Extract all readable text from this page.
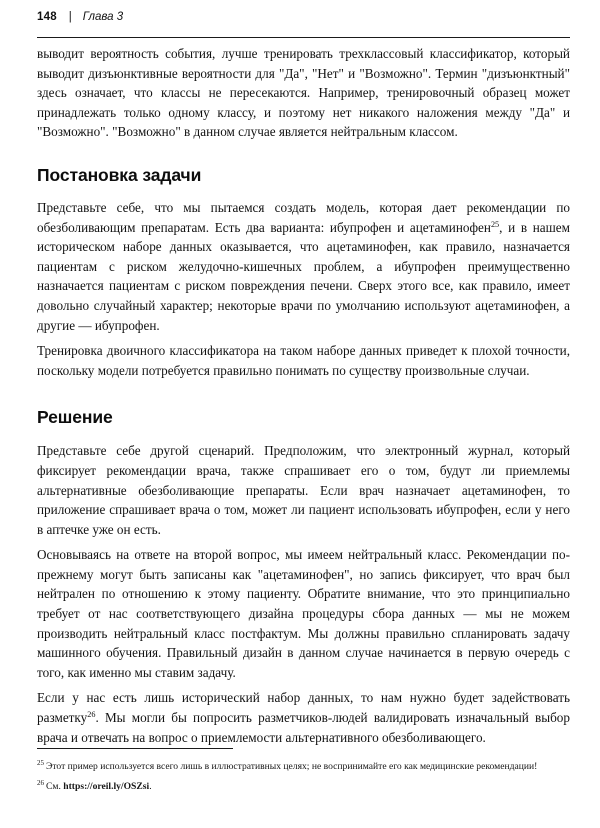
148 | Глава 3

выводит вероятность события, лучше тренировать трехклассовый классификатор, который выводит дизъюнктивные вероятности для "Да", "Нет" и "Возможно". Термин "дизъюнктный" здесь означает, что классы не пересекаются. Например, тренировочный образец может принадлежать только одному классу, и поэтому нет никакого наложения между "Да" и "Возможно". "Возможно" в данном случае является нейтральным классом.

Постановка задачи

Представьте себе, что мы пытаемся создать модель, которая дает рекомендации по обезболивающим препаратам. Есть два варианта: ибупрофен и ацетаминофен$^{25}$, и в нашем историческом наборе данных оказывается, что ацетаминофен, как правило, назначается пациентам с риском желудочно-кишечных проблем, а ибупрофен преимущественно назначается пациентам с риском повреждения печени. Сверх этого все, как правило, имеет довольно случайный характер; некоторые врачи по умолчанию используют ацетаминофен, а другие — ибупрофен.

Тренировка двоичного классификатора на таком наборе данных приведет к плохой точности, поскольку модели потребуется правильно понимать по существу произвольные случаи.

Решение

Представьте себе другой сценарий. Предположим, что электронный журнал, который фиксирует рекомендации врача, также спрашивает его о том, будут ли приемлемы альтернативные обезболивающие препараты. Если врач назначает ацетаминофен, то приложение спрашивает врача о том, может ли пациент использовать ибупрофен, если у него в аптечке уже он есть.

Основываясь на ответе на второй вопрос, мы имеем нейтральный класс. Рекомендации по-прежнему могут быть записаны как "ацетаминофен", но запись фиксирует, что врач был нейтрален по отношению к этому пациенту. Обратите внимание, что это принципиально требует от нас соответствующего дизайна процедуры сбора данных — мы не можем производить нейтральный класс постфактум. Мы должны правильно спланировать задачу машинного обучения. Правильный дизайн в данном случае начинается в первую очередь с того, как именно мы ставим задачу.

Если у нас есть лишь исторический набор данных, то нам нужно будет задействовать разметку$^{26}$. Мы могли бы попросить разметчиков-людей валидировать изначальный выбор врача и отвечать на вопрос о приемлемости альтернативного обезболивающего.

$^{25}$ Этот пример используется всего лишь в иллюстративных целях; не воспринимайте его как медицинские рекомендации!

$^{26}$ См. https://oreil.ly/OSZsi.
